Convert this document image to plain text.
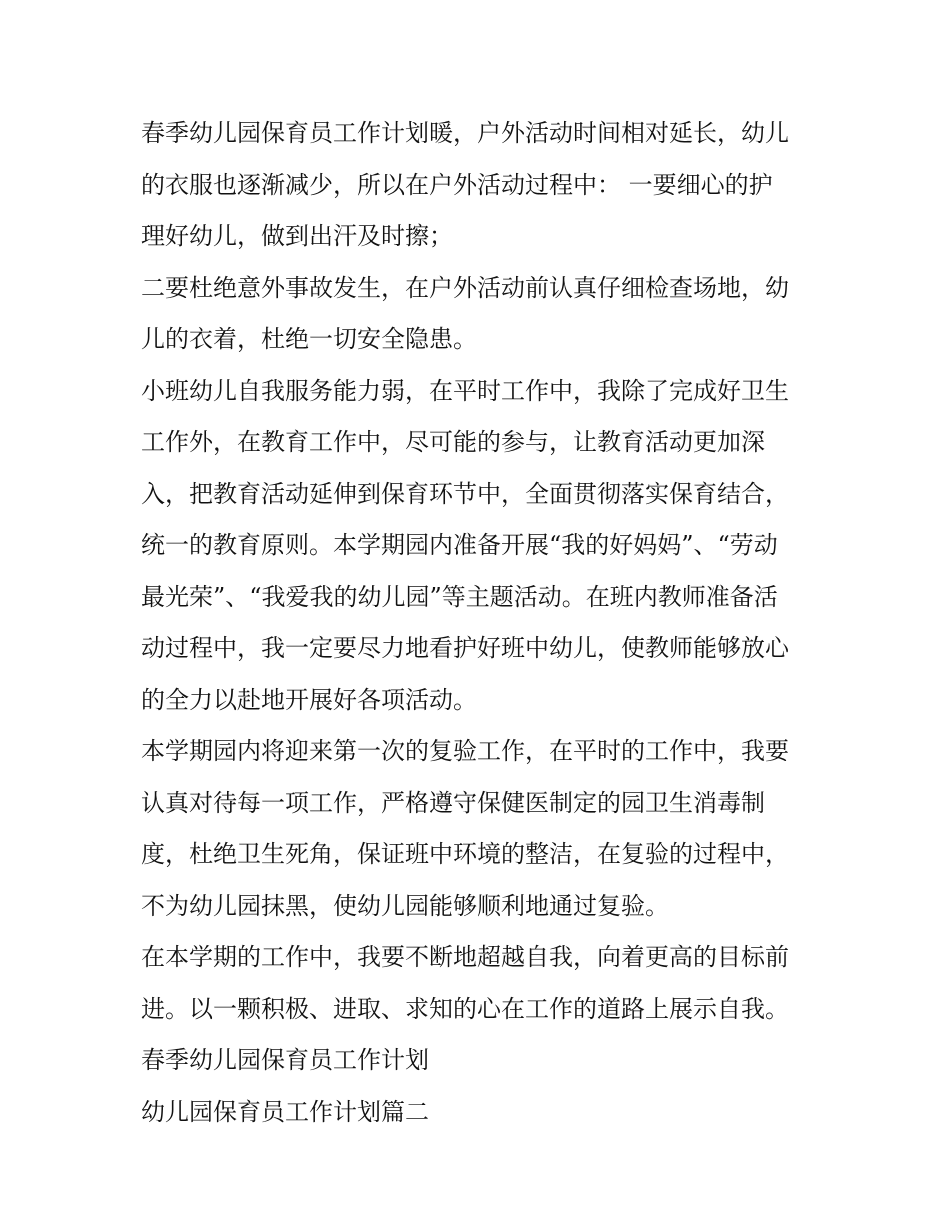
春季幼儿园保育员工作计划暖，户外活动时间相对延长，幼儿
的衣服也逐渐减少，所以在户外活动过程中： 一要细心的护
理好幼儿，做到出汗及时擦；
二要杜绝意外事故发生，在户外活动前认真仔细检查场地，幼
儿的衣着，杜绝一切安全隐患。
小班幼儿自我服务能力弱，在平时工作中，我除了完成好卫生
工作外，在教育工作中，尽可能的参与，让教育活动更加深
入，把教育活动延伸到保育环节中，全面贯彻落实保育结合，
统一的教育原则。本学期园内准备开展“我的好妈妈”、“劳动
最光荣”、“我爱我的幼儿园”等主题活动。在班内教师准备活
动过程中，我一定要尽力地看护好班中幼儿，使教师能够放心
的全力以赴地开展好各项活动。
本学期园内将迎来第一次的复验工作，在平时的工作中，我要
认真对待每一项工作，严格遵守保健医制定的园卫生消毒制
度，杜绝卫生死角，保证班中环境的整洁，在复验的过程中，
不为幼儿园抹黑，使幼儿园能够顺利地通过复验。
在本学期的工作中，我要不断地超越自我，向着更高的目标前
进。以一颗积极、进取、求知的心在工作的道路上展示自我。
春季幼儿园保育员工作计划
幼儿园保育员工作计划篇二
